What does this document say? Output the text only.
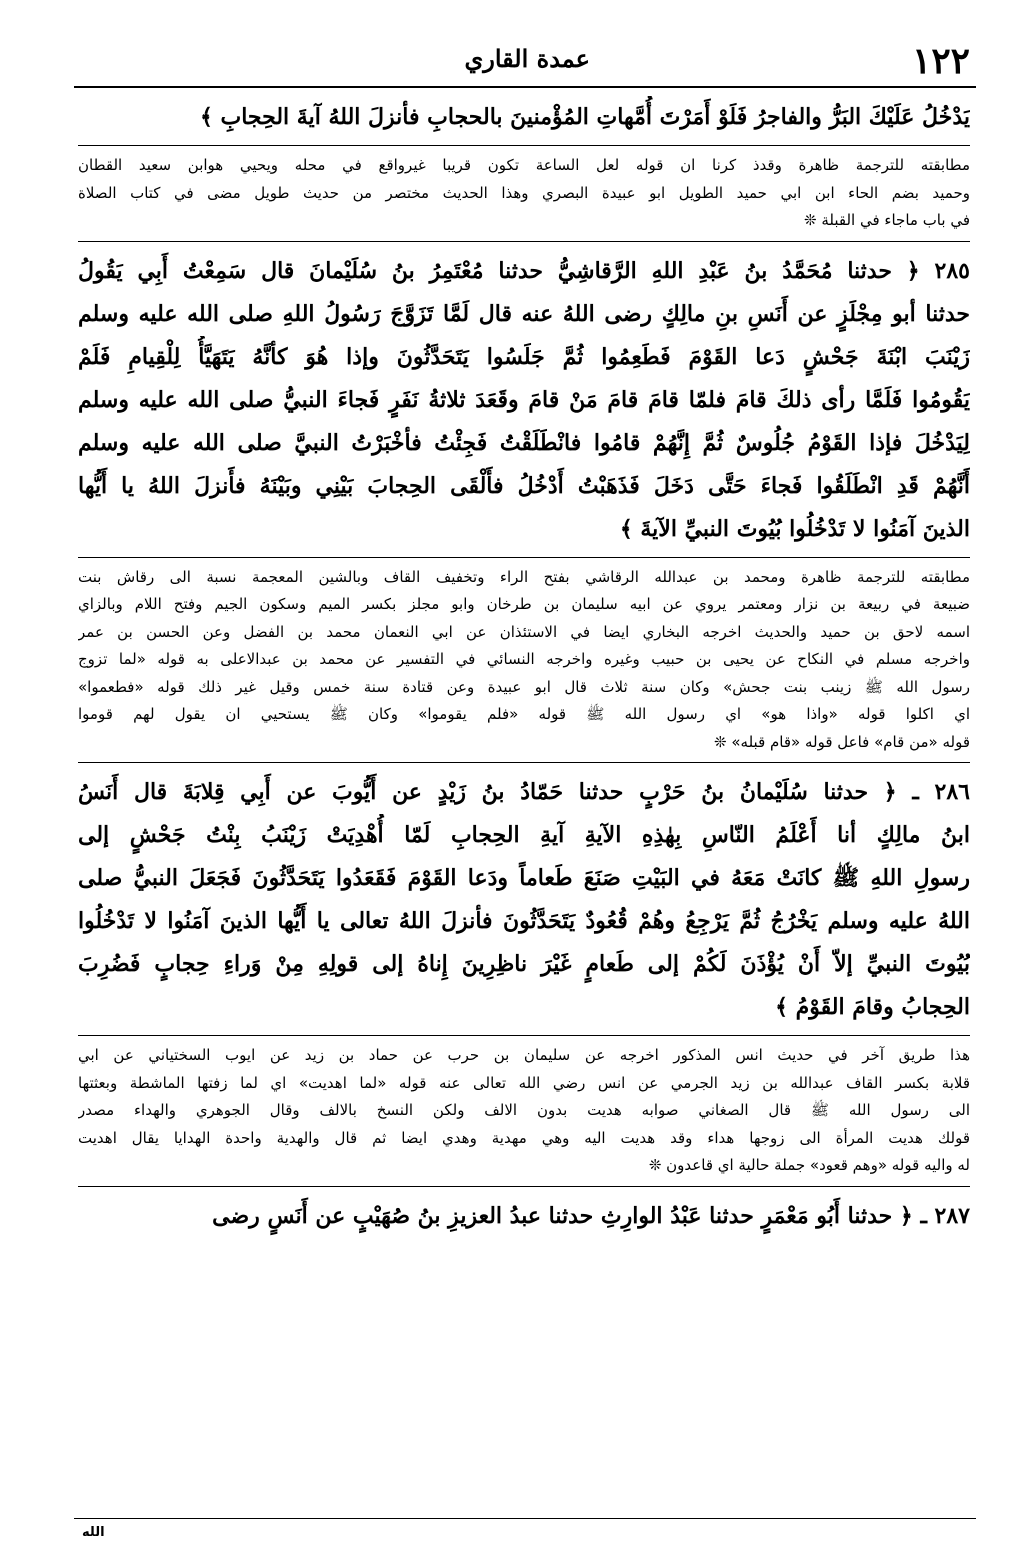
١٢٢
عمدة القاري
يَدْخُلُ عَلَيْكَ البَرُّ والفاجرُ فَلَوْ أَمَرْتَ أُمَّهاتِ المُؤْمنينَ بالحجابِ فأنزلَ اللهُ آيةَ الحِجابِ ﴾
مطابقته للترجمة ظاهرة وقدذ كرنا ان قوله لعل الساعة تكون قريبا غيرواقع في محله ويحيي هوابن سعيد القطان
وحميد بضم الحاء ابن ابي حميد الطويل ابو عبيدة البصري وهذا الحديث مختصر من حديث طويل مضى في كتاب الصلاة
في باب ماجاء في القبلة ❊
٢٨٥ ﴿ حدثنا مُحَمَّدُ بنُ عَبْدِ اللهِ الرَّقاشِيُّ حدثنا مُعْتَمِرُ بنُ سُلَيْمانَ قال سَمِعْتُ أَبِي يَقُولُ
حدثنا أبو مِجْلَزٍ عن أَنَسِ بنِ مالِكٍ رضى اللهُ عنه قال لَمَّا تَزَوَّجَ رَسُولُ اللهِ صلى الله عليه وسلم
زَيْنَبَ ابْنَةَ جَحْشٍ دَعا القَوْمَ فَطَعِمُوا ثُمَّ جَلَسُوا يَتَحَدَّثُونَ وإذا هُوَ كأنَّهُ يَتَهَيَّأُ لِلْقِيامِ فَلَمْ
يَقُومُوا فَلَمَّا رأى ذلكَ قامَ فلمّا قامَ قامَ مَنْ قامَ وقَعَدَ ثلاثةُ نَفَرٍ فَجاءَ النبيُّ صلى الله عليه وسلم
لِيَدْخُلَ فإذا القَوْمُ جُلُوسٌ ثُمَّ إِنَّهُمْ قامُوا فانْطَلَقْتُ فَجِئْتُ فأخْبَرْتُ النبيَّ صلى الله عليه وسلم
أَنَّهُمْ قَدِ انْطَلَقُوا فَجاءَ حَتَّى دَخَلَ فَذَهَبْتُ أَدْخُلُ فأَلْقَى الحِجابَ بَيْنِي وبَيْنَهُ فأَنزلَ اللهُ يا أَيُّها
الذينَ آمَنُوا لا تَدْخُلُوا بُيُوتَ النبيِّ الآيةَ ﴾
مطابقته للترجمة ظاهرة ومحمد بن عبدالله الرقاشي بفتح الراء وتخفيف القاف وبالشين المعجمة نسبة الى رقاش بنت
ضبيعة في ربيعة بن نزار ومعتمر يروي عن ابيه سليمان بن طرخان وابو مجلز بكسر الميم وسكون الجيم وفتح اللام وبالزاي
اسمه لاحق بن حميد والحديث اخرجه البخاري ايضا في الاستئذان عن ابي النعمان محمد بن الفضل وعن الحسن بن عمر
واخرجه مسلم في النكاح عن يحيى بن حبيب وغيره واخرجه النسائي في التفسير عن محمد بن عبدالاعلى به قوله «لما تزوج
رسول الله ﷺ زينب بنت جحش» وكان سنة ثلاث قال ابو عبيدة وعن قتادة سنة خمس وقيل غير ذلك قوله «فطعموا»
اي اكلوا قوله «واذا هو» اي رسول الله ﷺ قوله «فلم يقوموا» وكان ﷺ يستحيي ان يقول لهم قوموا
قوله «من قام» فاعل قوله «قام قبله» ❊
٢٨٦ ـ ﴿ حدثنا سُلَيْمانُ بنُ حَرْبٍ حدثنا حَمّادُ بنُ زَيْدٍ عن أَيُّوبَ عن أَبِي قِلابَةَ قال أَنَسُ
ابنُ مالِكٍ أنا أَعْلَمُ النّاسِ بِهٰذِهِ الآيةِ آيةِ الحِجابِ لَمّا أُهْدِيَتْ زَيْنَبُ بِنْتُ جَحْشٍ إلى
رسولِ اللهِ ﷺ كانَتْ مَعَهُ في البَيْتِ صَنَعَ طَعاماً ودَعا القَوْمَ فَقَعَدُوا يَتَحَدَّثُونَ فَجَعَلَ النبيُّ صلى
اللهُ عليه وسلم يَخْرُجُ ثُمَّ يَرْجِعُ وهُمْ قُعُودٌ يَتَحَدَّثُونَ فأنزلَ اللهُ تعالى يا أَيُّها الذينَ آمَنُوا لا تَدْخُلُوا
بُيُوتَ النبيِّ إلاّ أَنْ يُؤْذَنَ لَكُمْ إلى طَعامٍ غَيْرَ ناظِرِينَ إِناهُ إلى قولِهِ مِنْ وَراءِ حِجابٍ فَضُرِبَ
الحِجابُ وقامَ القَوْمُ ﴾
هذا طريق آخر في حديث انس المذكور اخرجه عن سليمان بن حرب عن حماد بن زيد عن ايوب السختياني عن ابي
قلابة بكسر القاف عبدالله بن زيد الجرمي عن انس رضي الله تعالى عنه قوله «لما اهديت» اي لما زفتها الماشطة وبعثتها
الى رسول الله ﷺ قال الصغاني صوابه هديت بدون الالف ولكن النسخ بالالف وقال الجوهري والهداء مصدر
قولك هديت المرأة الى زوجها هداء وقد هديت اليه وهي مهدية وهدي ايضا ثم قال والهدية واحدة الهدايا يقال اهديت
له واليه قوله «وهم قعود» جملة حالية اي قاعدون ❊
٢٨٧ ـ ﴿ حدثنا أَبُو مَعْمَرٍ حدثنا عَبْدُ الوارِثِ حدثنا عبدُ العزيزِ بنُ صُهَيْبٍ عن أَنَسٍ رضى
الله
